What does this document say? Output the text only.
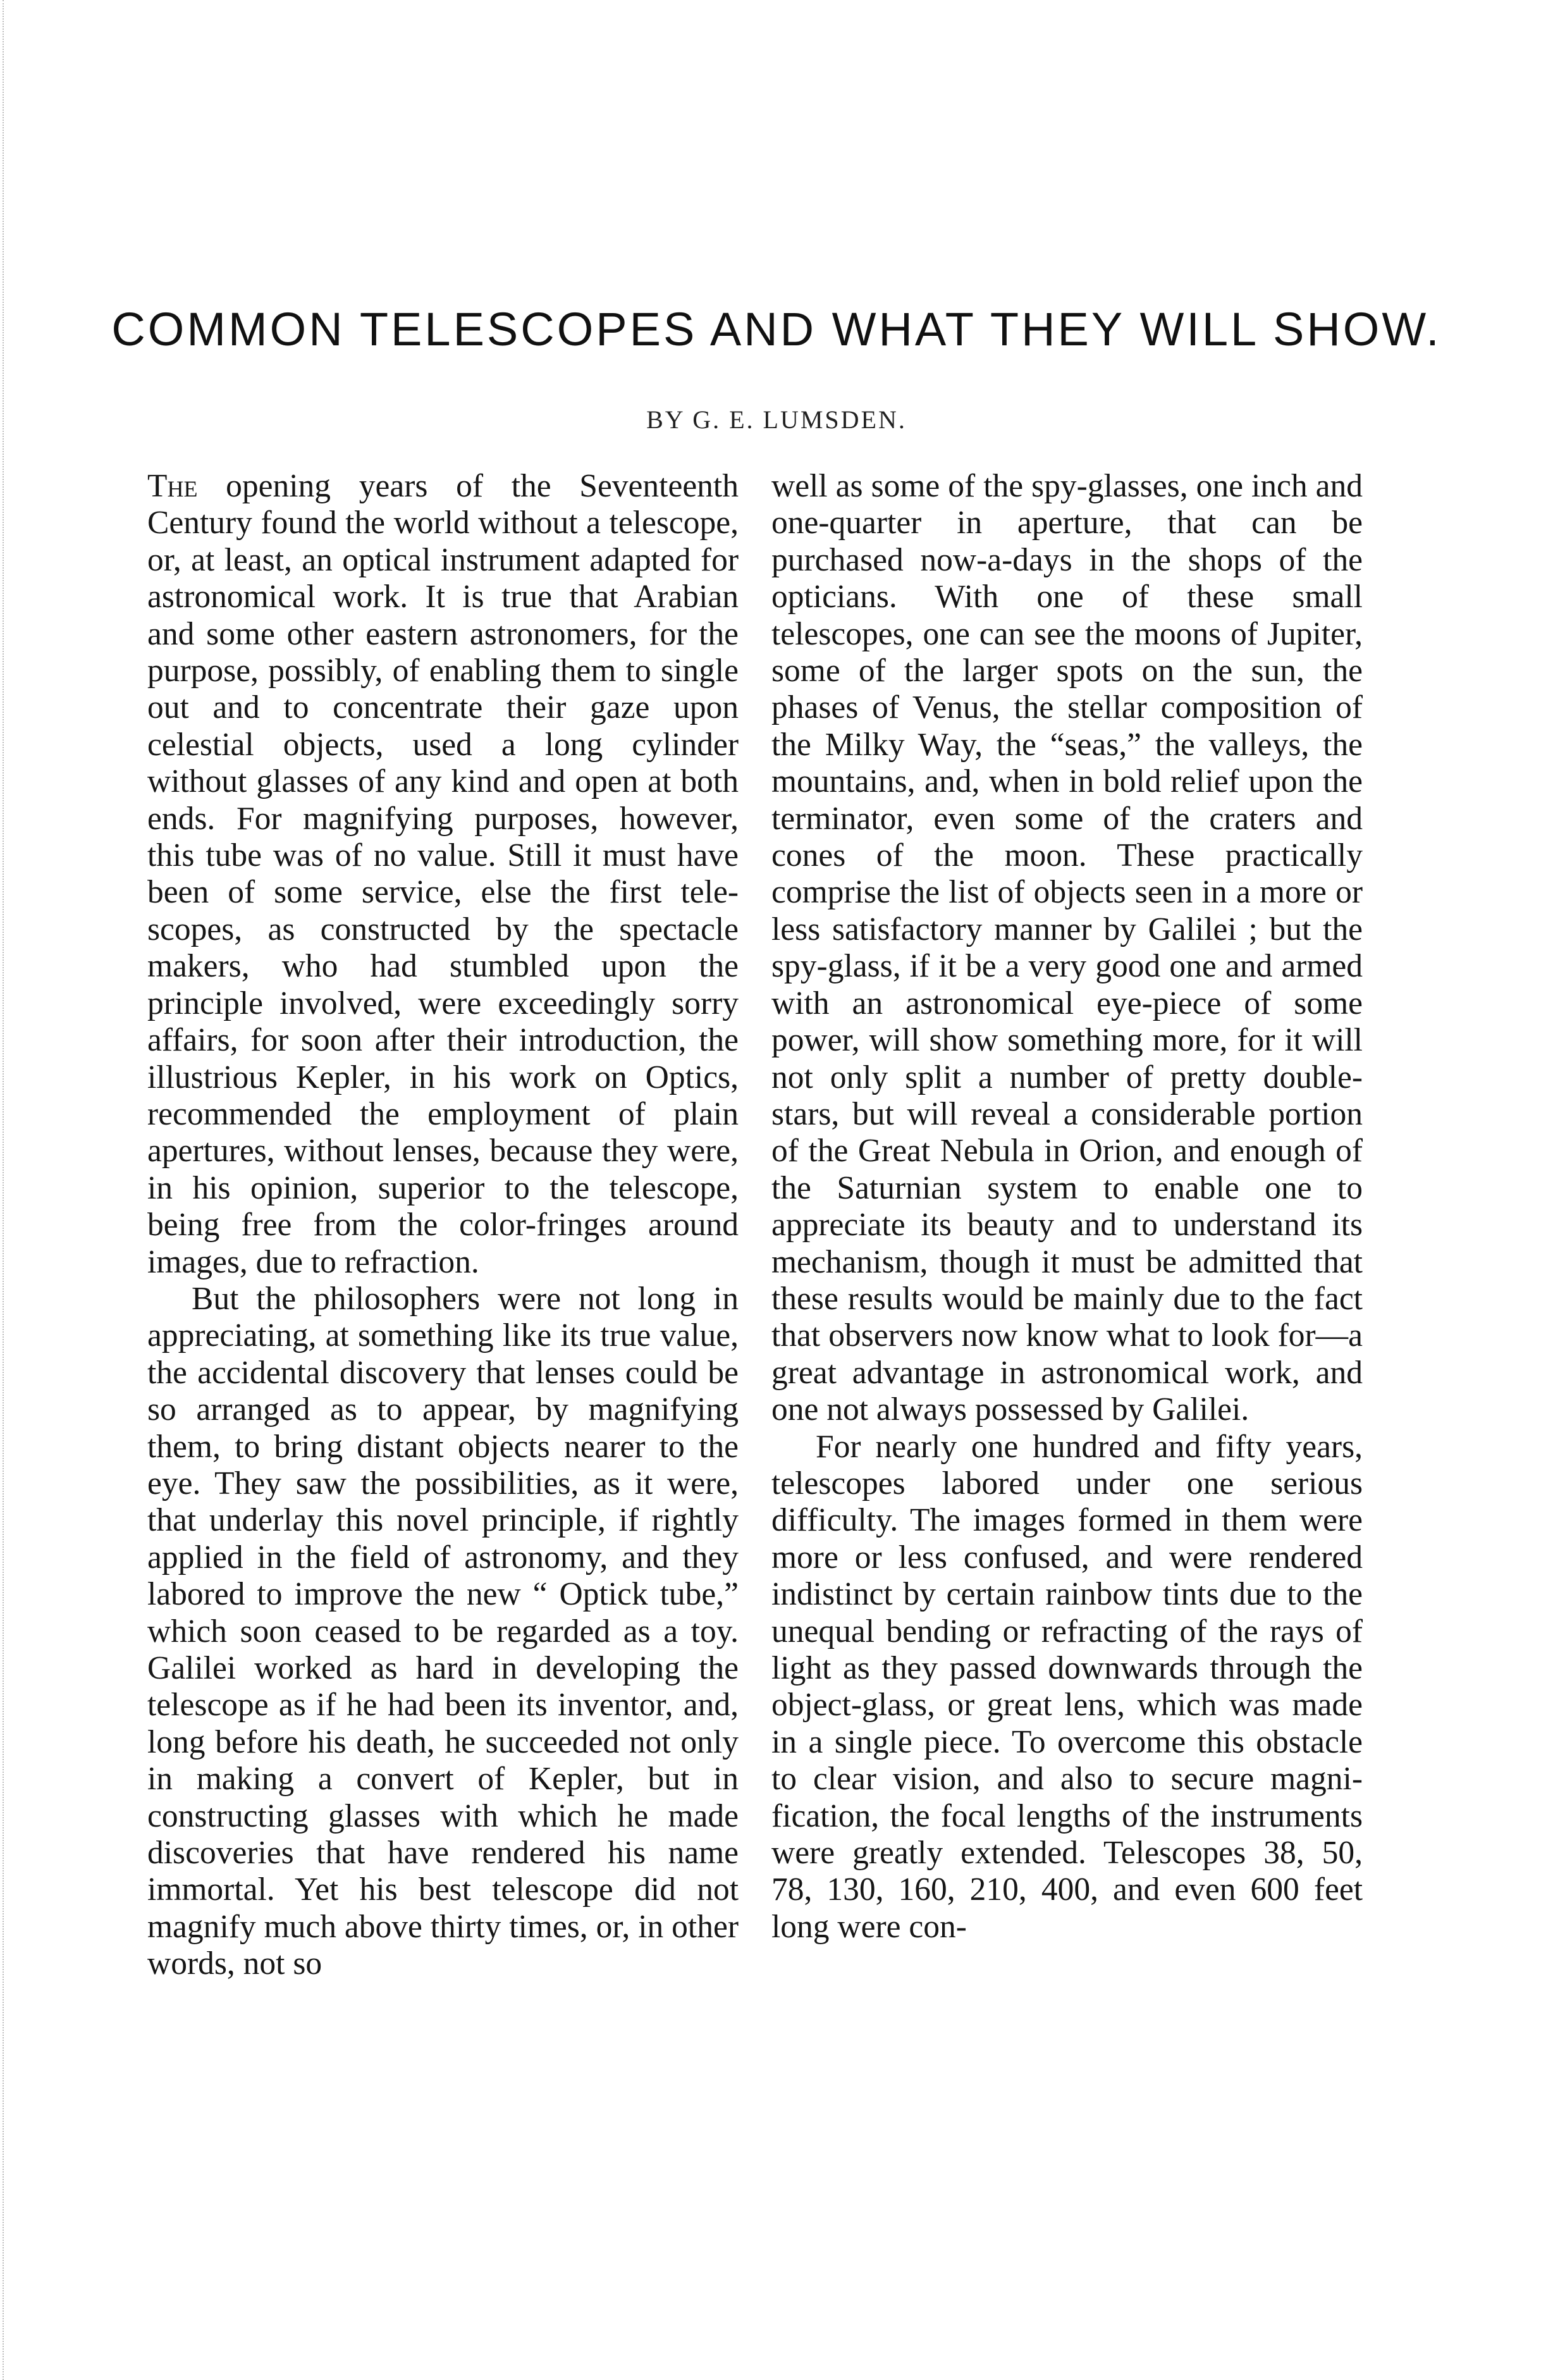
COMMON TELESCOPES AND WHAT THEY WILL SHOW.
BY G. E. LUMSDEN.

The opening years of the Seventeenth Century found the world without a telescope, or, at least, an optical instrument adapted for astronomical work. It is true that Arabian and some other eastern astronomers, for the purpose, possibly, of enabling them to single out and to concentrate their gaze upon celestial objects, used a long cylinder without glasses of any kind and open at both ends. For magnifying purposes, however, this tube was of no value. Still it must have been of some service, else the first telescopes, as constructed by the spectacle makers, who had stumbled upon the principle involved, were exceedingly sorry affairs, for soon after their introduction, the illustrious Kepler, in his work on Optics, recommended the employment of plain apertures, without lenses, because they were, in his opinion, superior to the telescope, being free from the color-fringes around images, due to refraction.

But the philosophers were not long in appreciating, at something like its true value, the accidental discovery that lenses could be so arranged as to appear, by magnifying them, to bring distant objects nearer to the eye. They saw the possibilities, as it were, that underlay this novel principle, if rightly applied in the field of astronomy, and they labored to improve the new “ Optick tube,” which soon ceased to be regarded as a toy. Galilei worked as hard in developing the telescope as if he had been its inventor, and, long before his death, he succeeded not only in making a convert of Kepler, but in constructing glasses with which he made discoveries that have rendered his name immortal. Yet his best telescope did not magnify much above thirty times, or, in other words, not so

well as some of the spy-glasses, one inch and one-quarter in aperture, that can be purchased now-a-days in the shops of the opticians. With one of these small telescopes, one can see the moons of Jupiter, some of the larger spots on the sun, the phases of Venus, the stellar composition of the Milky Way, the “seas,” the valleys, the mountains, and, when in bold relief upon the terminator, even some of the craters and cones of the moon. These practically comprise the list of objects seen in a more or less satisfactory manner by Galilei ; but the spy-glass, if it be a very good one and armed with an astronomical eye-piece of some power, will show something more, for it will not only split a number of pretty double-stars, but will reveal a considerable portion of the Great Nebula in Orion, and enough of the Saturnian system to enable one to appreciate its beauty and to understand its mechanism, though it must be admitted that these results would be mainly due to the fact that observers now know what to look for—a great advantage in astronomical work, and one not always possessed by Galilei.

For nearly one hundred and fifty years, telescopes labored under one serious difficulty. The images formed in them were more or less confused, and were rendered indistinct by certain rainbow tints due to the unequal bending or refracting of the rays of light as they passed downwards through the object-glass, or great lens, which was made in a single piece. To overcome this obstacle to clear vision, and also to secure magnification, the focal lengths of the instruments were greatly extended. Telescopes 38, 50, 78, 130, 160, 210, 400, and even 600 feet long were con-
